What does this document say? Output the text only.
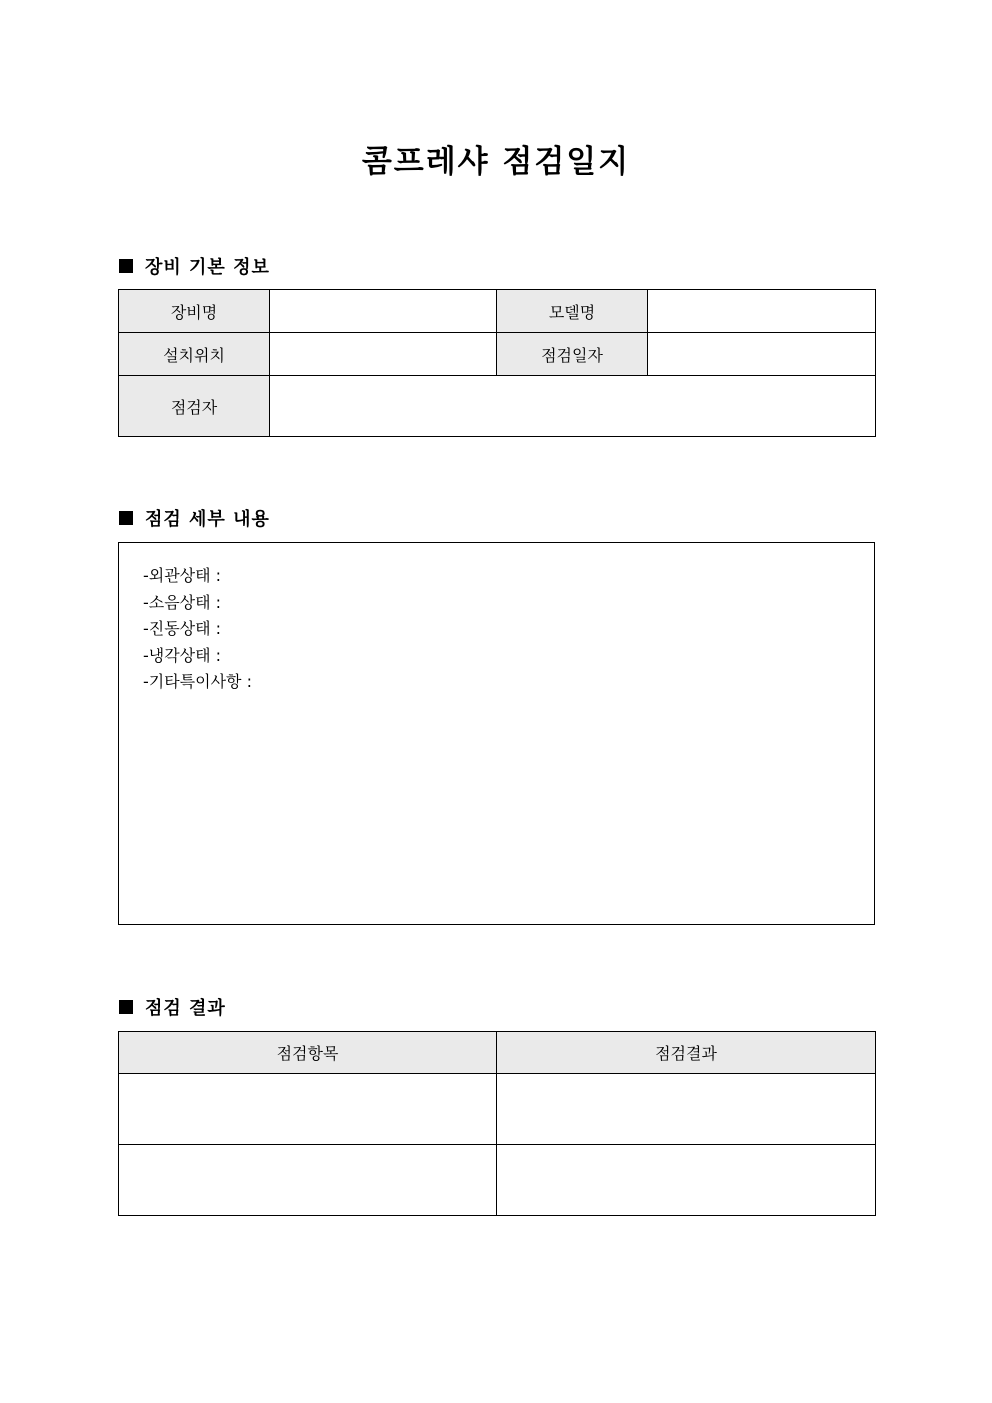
콤프레샤 점검일지
장비 기본 정보
장비명		모델명	
설치위치		점검일자	
점검자			
점검 세부 내용
-외관상태 :
-소음상태 :
-진동상태 :
-냉각상태 :
-기타특이사항 :
점검 결과
점검항목	점검결과
